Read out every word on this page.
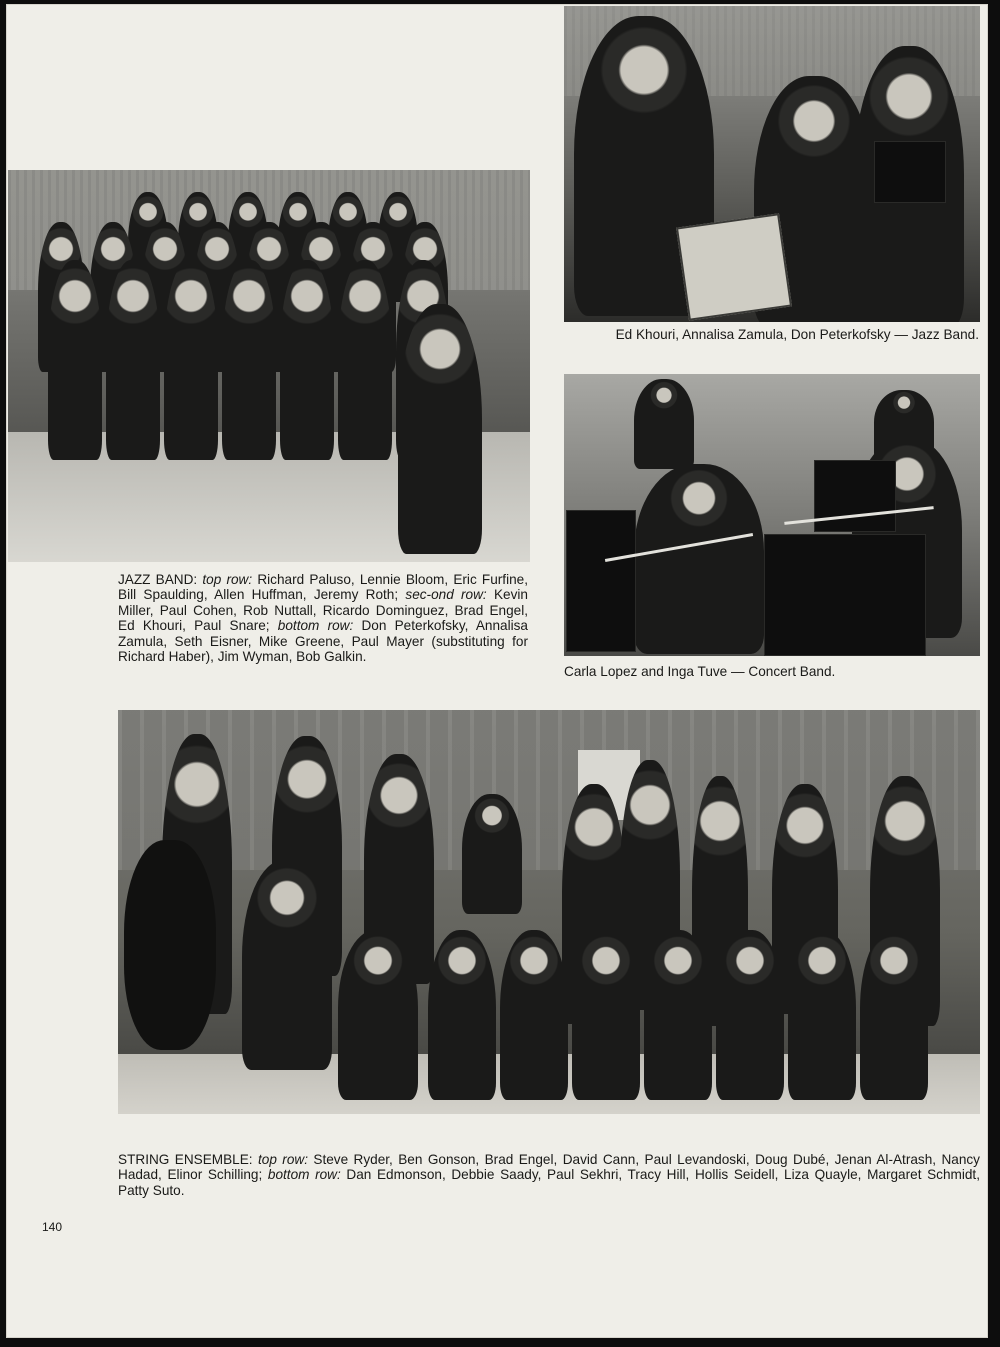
Ed Khouri, Annalisa Zamula, Don Peterkofsky — Jazz Band.

Carla Lopez and Inga Tuve — Concert Band.

JAZZ BAND: top row: Richard Paluso, Lennie Bloom, Eric Furfine, Bill Spaulding, Allen Huffman, Jeremy Roth; sec-ond row: Kevin Miller, Paul Cohen, Rob Nuttall, Ricardo Dominguez, Brad Engel, Ed Khouri, Paul Snare; bottom row: Don Peterkofsky, Annalisa Zamula, Seth Eisner, Mike Greene, Paul Mayer (substituting for Richard Haber), Jim Wyman, Bob Galkin.

STRING ENSEMBLE: top row: Steve Ryder, Ben Gonson, Brad Engel, David Cann, Paul Levandoski, Doug Dubé, Jenan Al-Atrash, Nancy Hadad, Elinor Schilling; bottom row: Dan Edmonson, Debbie Saady, Paul Sekhri, Tracy Hill, Hollis Seidell, Liza Quayle, Margaret Schmidt, Patty Suto.

140
